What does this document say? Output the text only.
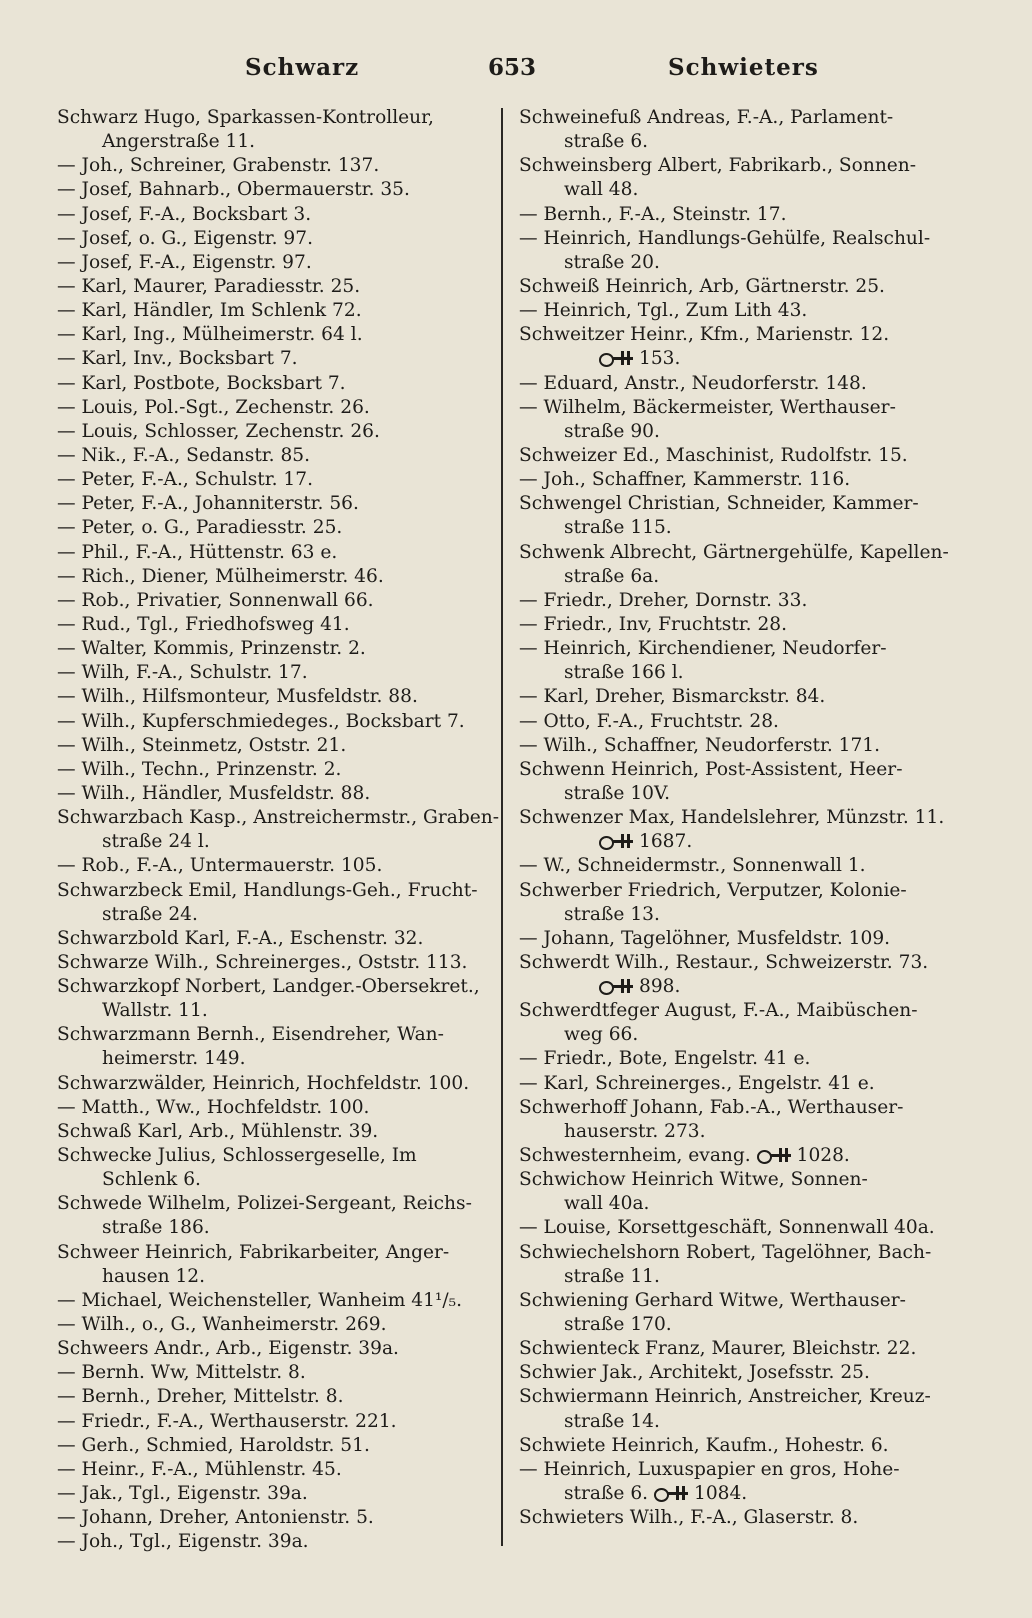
Schwarz	653	Schwieters
Schwarz Hugo, Sparkassen-Kontrolleur,
Angerstraße 11.
— Joh., Schreiner, Grabenstr. 137.
— Josef, Bahnarb., Obermauerstr. 35.
— Josef, F.-A., Bocksbart 3.
— Josef, o. G., Eigenstr. 97.
— Josef, F.-A., Eigenstr. 97.
— Karl, Maurer, Paradiesstr. 25.
— Karl, Händler, Im Schlenk 72.
— Karl, Ing., Mülheimerstr. 64 l.
— Karl, Inv., Bocksbart 7.
— Karl, Postbote, Bocksbart 7.
— Louis, Pol.-Sgt., Zechenstr. 26.
— Louis, Schlosser, Zechenstr. 26.
— Nik., F.-A., Sedanstr. 85.
— Peter, F.-A., Schulstr. 17.
— Peter, F.-A., Johanniterstr. 56.
— Peter, o. G., Paradiesstr. 25.
— Phil., F.-A., Hüttenstr. 63 e.
— Rich., Diener, Mülheimerstr. 46.
— Rob., Privatier, Sonnenwall 66.
— Rud., Tgl., Friedhofsweg 41.
— Walter, Kommis, Prinzenstr. 2.
— Wilh, F.-A., Schulstr. 17.
— Wilh., Hilfsmonteur, Musfeldstr. 88.
— Wilh., Kupferschmiedeges., Bocksbart 7.
— Wilh., Steinmetz, Oststr. 21.
— Wilh., Techn., Prinzenstr. 2.
— Wilh., Händler, Musfeldstr. 88.
Schwarzbach Kasp., Anstreichermstr., Graben-
straße 24 l.
— Rob., F.-A., Untermauerstr. 105.
Schwarzbeck Emil, Handlungs-Geh., Frucht-
straße 24.
Schwarzbold Karl, F.-A., Eschenstr. 32.
Schwarze Wilh., Schreinerges., Oststr. 113.
Schwarzkopf Norbert, Landger.-Obersekret.,
Wallstr. 11.
Schwarzmann Bernh., Eisendreher, Wan-
heimerstr. 149.
Schwarzwälder, Heinrich, Hochfeldstr. 100.
— Matth., Ww., Hochfeldstr. 100.
Schwaß Karl, Arb., Mühlenstr. 39.
Schwecke Julius, Schlossergeselle, Im
Schlenk 6.
Schwede Wilhelm, Polizei-Sergeant, Reichs-
straße 186.
Schweer Heinrich, Fabrikarbeiter, Anger-
hausen 12.
— Michael, Weichensteller, Wanheim 41¹/₅.
— Wilh., o., G., Wanheimerstr. 269.
Schweers Andr., Arb., Eigenstr. 39a.
— Bernh. Ww, Mittelstr. 8.
— Bernh., Dreher, Mittelstr. 8.
— Friedr., F.-A., Werthauserstr. 221.
— Gerh., Schmied, Haroldstr. 51.
— Heinr., F.-A., Mühlenstr. 45.
— Jak., Tgl., Eigenstr. 39a.
— Johann, Dreher, Antonienstr. 5.
— Joh., Tgl., Eigenstr. 39a.
Schweinefuß Andreas, F.-A., Parlament-
straße 6.
Schweinsberg Albert, Fabrikarb., Sonnen-
wall 48.
— Bernh., F.-A., Steinstr. 17.
— Heinrich, Handlungs-Gehülfe, Realschul-
straße 20.
Schweiß Heinrich, Arb, Gärtnerstr. 25.
— Heinrich, Tgl., Zum Lith 43.
Schweitzer Heinr., Kfm., Marienstr. 12.
153.
— Eduard, Anstr., Neudorferstr. 148.
— Wilhelm, Bäckermeister, Werthauser-
straße 90.
Schweizer Ed., Maschinist, Rudolfstr. 15.
— Joh., Schaffner, Kammerstr. 116.
Schwengel Christian, Schneider, Kammer-
straße 115.
Schwenk Albrecht, Gärtnergehülfe, Kapellen-
straße 6a.
— Friedr., Dreher, Dornstr. 33.
— Friedr., Inv, Fruchtstr. 28.
— Heinrich, Kirchendiener, Neudorfer-
straße 166 l.
— Karl, Dreher, Bismarckstr. 84.
— Otto, F.-A., Fruchtstr. 28.
— Wilh., Schaffner, Neudorferstr. 171.
Schwenn Heinrich, Post-Assistent, Heer-
straße 10V.
Schwenzer Max, Handelslehrer, Münzstr. 11.
1687.
— W., Schneidermstr., Sonnenwall 1.
Schwerber Friedrich, Verputzer, Kolonie-
straße 13.
— Johann, Tagelöhner, Musfeldstr. 109.
Schwerdt Wilh., Restaur., Schweizerstr. 73.
898.
Schwerdtfeger August, F.-A., Maibüschen-
weg 66.
— Friedr., Bote, Engelstr. 41 e.
— Karl, Schreinerges., Engelstr. 41 e.
Schwerhoff Johann, Fab.-A., Werthauser-
hauserstr. 273.
Schwesternheim, evang. 1028.
Schwichow Heinrich Witwe, Sonnen-
wall 40a.
— Louise, Korsettgeschäft, Sonnenwall 40a.
Schwiechelshorn Robert, Tagelöhner, Bach-
straße 11.
Schwiening Gerhard Witwe, Werthauser-
straße 170.
Schwienteck Franz, Maurer, Bleichstr. 22.
Schwier Jak., Architekt, Josefsstr. 25.
Schwiermann Heinrich, Anstreicher, Kreuz-
straße 14.
Schwiete Heinrich, Kaufm., Hohestr. 6.
— Heinrich, Luxuspapier en gros, Hohe-
straße 6. 1084.
Schwieters Wilh., F.-A., Glaserstr. 8.
